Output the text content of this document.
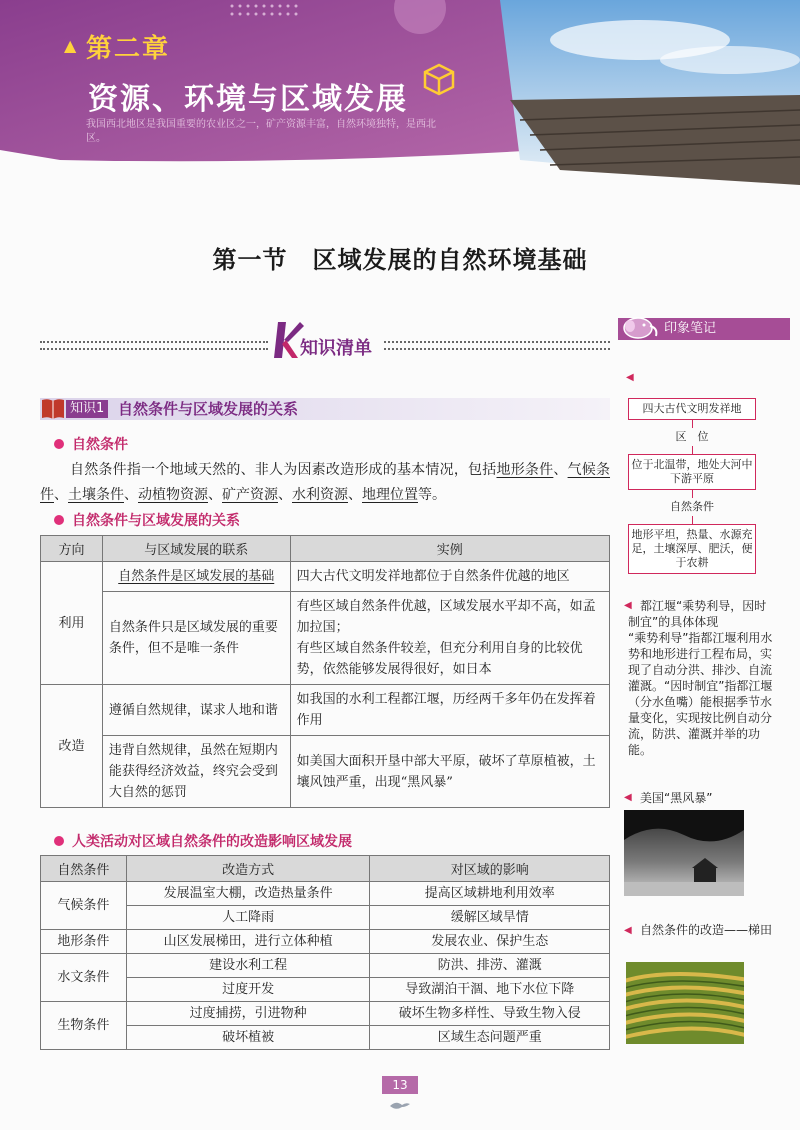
▲ 第二章
资源、环境与区域发展
我国西北地区是我国重要的农业区之一，矿产资源丰富，自然环境独特，是西北
区。
第一节　区域发展的自然环境基础
知识清单
印象笔记
知识1 自然条件与区域发展的关系
自然条件
自然条件指一个地域天然的、非人为因素改造形成的基本情况，包括地形条件、气候条件、土壤条件、动植物资源、矿产资源、水利资源、地理位置等。
自然条件与区域发展的关系
方向	与区域发展的联系	实例
利用	自然条件是区域发展的基础	四大古代文明发祥地都位于自然条件优越的地区
	自然条件只是区域发展的重要条件，但不是唯一条件	有些区域自然条件优越，区域发展水平却不高，如孟加拉国；
有些区域自然条件较差，但充分利用自身的比较优势，依然能够发展得很好，如日本

改造	遵循自然规律，谋求人地和谐	如我国的水利工程都江堰，历经两千多年仍在发挥着作用
	违背自然规律，虽然在短期内能获得经济效益，终究会受到大自然的惩罚	如美国大面积开垦中部大平原，破坏了草原植被，土壤风蚀严重，出现“黑风暴”
人类活动对区域自然条件的改造影响区域发展
自然条件	改造方式	对区域的影响
气候条件	发展温室大棚，改造热量条件	提高区域耕地利用效率
	人工降雨	缓解区域旱情
地形条件	山区发展梯田，进行立体种植	发展农业、保护生态
水文条件	建设水利工程	防洪、排涝、灌溉
	过度开发	导致湖泊干涸、地下水位下降
生物条件	过度捕捞，引进物种	破坏生物多样性、导致生物入侵
	破坏植被	区域生态问题严重
◀
四大古代文明发祥地
区　位
位于北温带，地处大河中下游平原
自然条件
地形平坦，热量、水源充足，土壤深厚、肥沃，便于农耕
◀ 都江堰“乘势利导，因时制宜”的具体体现
“乘势利导”指都江堰利用水势和地形进行工程布局，实现了自动分洪、排沙、自流灌溉。“因时制宜”指都江堰（分水鱼嘴）能根据季节水量变化，实现按比例自动分流，防洪、灌溉并举的功能。
◀ 美国“黑风暴”
◀ 自然条件的改造——梯田
13
